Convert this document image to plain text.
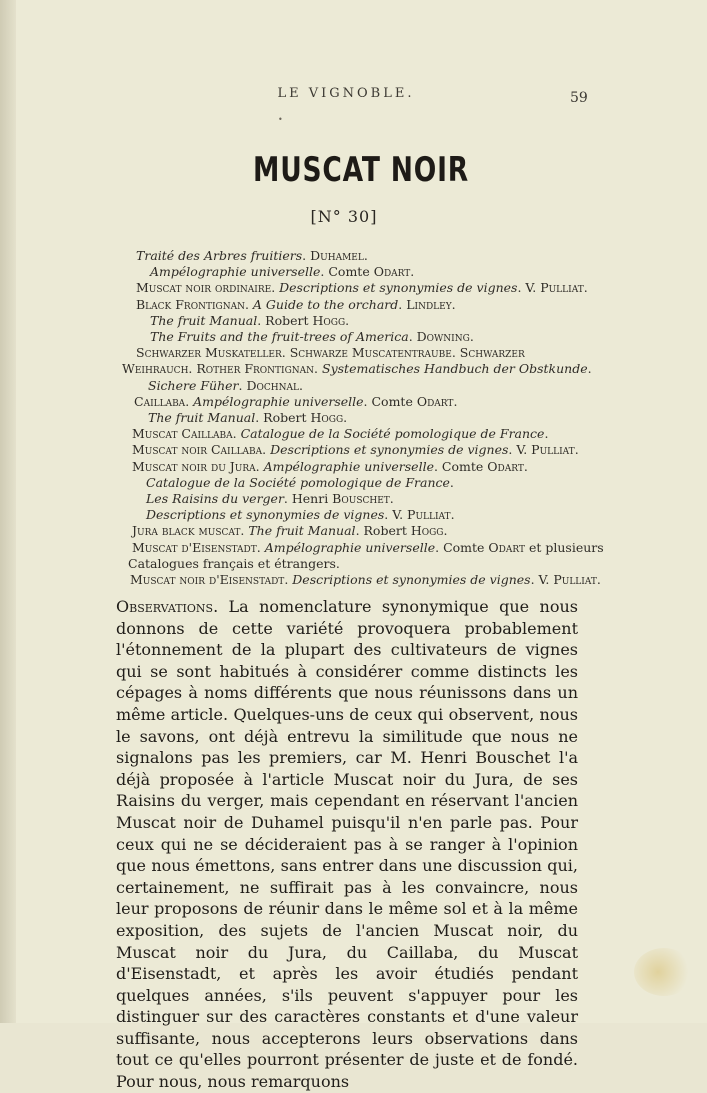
LE VIGNOBLE.	59
•
MUSCAT NOIR
[N° 30]
Traité des Arbres fruitiers. Duhamel.
Ampélographie universelle. Comte Odart.
Muscat noir ordinaire. Descriptions et synonymies de vignes. V. Pulliat.
Black Frontignan. A Guide to the orchard. Lindley.
The fruit Manual. Robert Hogg.
The Fruits and the fruit-trees of America. Downing.
Schwarzer Muskateller. Schwarze Muscatentraube. Schwarzer
Weihrauch. Rother Frontignan. Systematisches Handbuch der Obstkunde.
Sichere Füher. Dochnal.
Caillaba. Ampélographie universelle. Comte Odart.
The fruit Manual. Robert Hogg.
Muscat Caillaba. Catalogue de la Société pomologique de France.
Muscat noir Caillaba. Descriptions et synonymies de vignes. V. Pulliat.
Muscat noir du Jura. Ampélographie universelle. Comte Odart.
Catalogue de la Société pomologique de France.
Les Raisins du verger. Henri Bouschet.
Descriptions et synonymies de vignes. V. Pulliat.
Jura black muscat. The fruit Manual. Robert Hogg.
Muscat d'Eisenstadt. Ampélographie universelle. Comte Odart et plusieurs
Catalogues français et étrangers.
Muscat noir d'Eisenstadt. Descriptions et synonymies de vignes. V. Pulliat.

Observations. La nomenclature synonymique que nous donnons de cette variété provoquera probablement l'étonnement de la plupart des cultivateurs de vignes qui se sont habitués à considérer comme distincts les cépages à noms différents que nous réunissons dans un même article. Quelques-uns de ceux qui observent, nous le savons, ont déjà entrevu la similitude que nous ne signalons pas les premiers, car M. Henri Bouschet l'a déjà proposée à l'article Muscat noir du Jura, de ses Raisins du verger, mais cependant en réservant l'ancien Muscat noir de Duhamel puisqu'il n'en parle pas. Pour ceux qui ne se décideraient pas à se ranger à l'opinion que nous émettons, sans entrer dans une discussion qui, certainement, ne suffirait pas à les convaincre, nous leur proposons de réunir dans le même sol et à la même exposition, des sujets de l'ancien Muscat noir, du Muscat noir du Jura, du Caillaba, du Muscat d'Eisenstadt, et après les avoir étudiés pendant quelques années, s'ils peuvent s'appuyer pour les distinguer sur des caractères constants et d'une valeur suffisante, nous accepterons leurs observations dans tout ce qu'elles pourront présenter de juste et de fondé. Pour nous, nous remarquons
